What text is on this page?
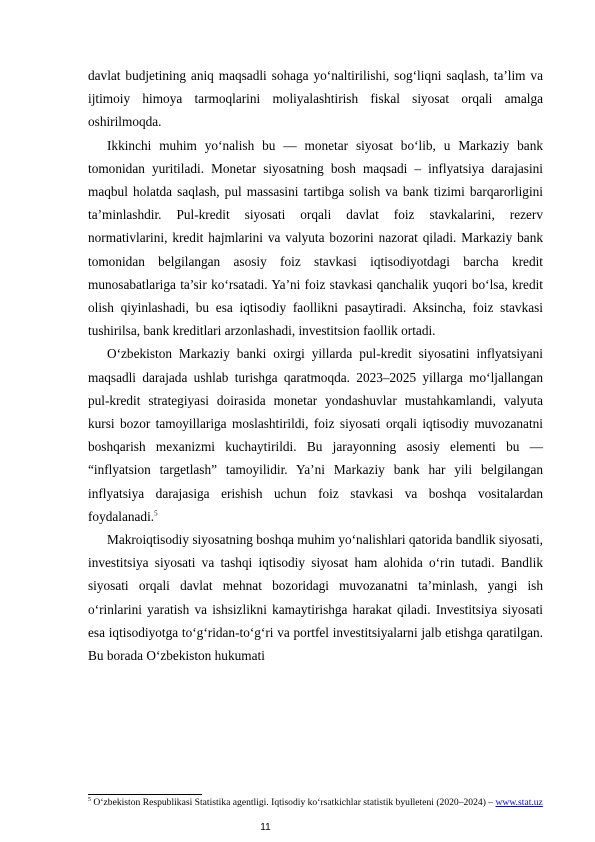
davlat budjetining aniq maqsadli sohaga yo‘naltirilishi, sog‘liqni saqlash, ta’lim va ijtimoiy himoya tarmoqlarini moliyalashtirish fiskal siyosat orqali amalga oshirilmoqda.

Ikkinchi muhim yo‘nalish bu — monetar siyosat bo‘lib, u Markaziy bank tomonidan yuritiladi. Monetar siyosatning bosh maqsadi – inflyatsiya darajasini maqbul holatda saqlash, pul massasini tartibga solish va bank tizimi barqarorligini ta’minlashdir. Pul-kredit siyosati orqali davlat foiz stavkalarini, rezerv normativlarini, kredit hajmlarini va valyuta bozorini nazorat qiladi. Markaziy bank tomonidan belgilangan asosiy foiz stavkasi iqtisodiyotdagi barcha kredit munosabatlariga ta’sir ko‘rsatadi. Ya’ni foiz stavkasi qanchalik yuqori bo‘lsa, kredit olish qiyinlashadi, bu esa iqtisodiy faollikni pasaytiradi. Aksincha, foiz stavkasi tushirilsa, bank kreditlari arzonlashadi, investitsion faollik ortadi.

O‘zbekiston Markaziy banki oxirgi yillarda pul-kredit siyosatini inflyatsiyani maqsadli darajada ushlab turishga qaratmoqda. 2023–2025 yillarga mo‘ljallangan pul-kredit strategiyasi doirasida monetar yondashuvlar mustahkamlandi, valyuta kursi bozor tamoyillariga moslashtirildi, foiz siyosati orqali iqtisodiy muvozanatni boshqarish mexanizmi kuchaytirildi. Bu jarayonning asosiy elementi bu — “inflyatsion targetlash” tamoyilidir. Ya’ni Markaziy bank har yili belgilangan inflyatsiya darajasiga erishish uchun foiz stavkasi va boshqa vositalardan foydalanadi.$^5$

Makroiqtisodiy siyosatning boshqa muhim yo‘nalishlari qatorida bandlik siyosati, investitsiya siyosati va tashqi iqtisodiy siyosat ham alohida o‘rin tutadi. Bandlik siyosati orqali davlat mehnat bozoridagi muvozanatni ta’minlash, yangi ish o‘rinlarini yaratish va ishsizlikni kamaytirishga harakat qiladi. Investitsiya siyosati esa iqtisodiyotga to‘g‘ridan-to‘g‘ri va portfel investitsiyalarni jalb etishga qaratilgan. Bu borada O‘zbekiston hukumati

$^5$ O‘zbekiston Respublikasi Statistika agentligi. Iqtisodiy ko‘rsatkichlar statistik byulleteni (2020–2024) – www.stat.uz
11
